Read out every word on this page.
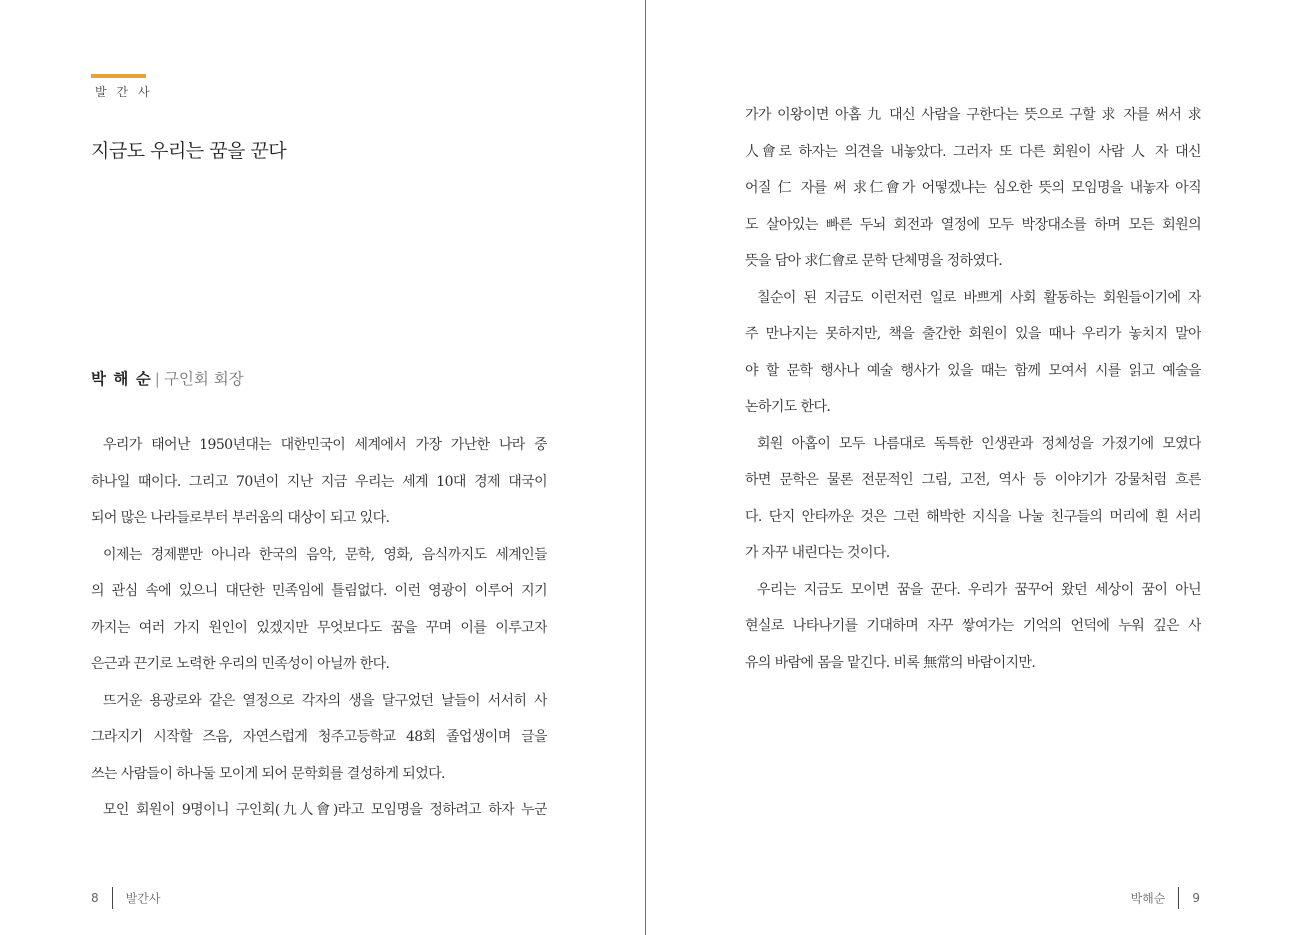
발 간 사
지금도 우리는 꿈을 꾼다
박 해 순 | 구인회 회장
우리가 태어난 1950년대는 대한민국이 세계에서 가장 가난한 나라 중
하나일 때이다. 그리고 70년이 지난 지금 우리는 세계 10대 경제 대국이
되어 많은 나라들로부터 부러움의 대상이 되고 있다.
이제는 경제뿐만 아니라 한국의 음악, 문학, 영화, 음식까지도 세계인들
의 관심 속에 있으니 대단한 민족임에 틀림없다. 이런 영광이 이루어 지기
까지는 여러 가지 원인이 있겠지만 무엇보다도 꿈을 꾸며 이를 이루고자
은근과 끈기로 노력한 우리의 민족성이 아닐까 한다.
뜨거운 용광로와 같은 열정으로 각자의 생을 달구었던 날들이 서서히 사
그라지기 시작할 즈음, 자연스럽게 청주고등학교 48회 졸업생이며 글을
쓰는 사람들이 하나둘 모이게 되어 문학회를 결성하게 되었다.
모인 회원이 9명이니 구인회(九人會)라고 모임명을 정하려고 하자 누군
8 발간사
가가 이왕이면 아홉 九 대신 사람을 구한다는 뜻으로 구할 求 자를 써서 求
人會로 하자는 의견을 내놓았다. 그러자 또 다른 회원이 사람 人 자 대신
어질 仁 자를 써 求仁會가 어떻겠냐는 심오한 뜻의 모임명을 내놓자 아직
도 살아있는 빠른 두뇌 회전과 열정에 모두 박장대소를 하며 모든 회원의
뜻을 담아 求仁會로 문학 단체명을 정하였다.
칠순이 된 지금도 이런저런 일로 바쁘게 사회 활동하는 회원들이기에 자
주 만나지는 못하지만, 책을 출간한 회원이 있을 때나 우리가 놓치지 말아
야 할 문학 행사나 예술 행사가 있을 때는 함께 모여서 시를 읽고 예술을
논하기도 한다.
회원 아홉이 모두 나름대로 독특한 인생관과 정체성을 가졌기에 모였다
하면 문학은 물론 전문적인 그림, 고전, 역사 등 이야기가 강물처럼 흐른
다. 단지 안타까운 것은 그런 해박한 지식을 나눌 친구들의 머리에 흰 서리
가 자꾸 내린다는 것이다.
우리는 지금도 모이면 꿈을 꾼다. 우리가 꿈꾸어 왔던 세상이 꿈이 아닌
현실로 나타나기를 기대하며 자꾸 쌓여가는 기억의 언덕에 누워 깊은 사
유의 바람에 몸을 맡긴다. 비록 無常의 바람이지만.
박해순 9
